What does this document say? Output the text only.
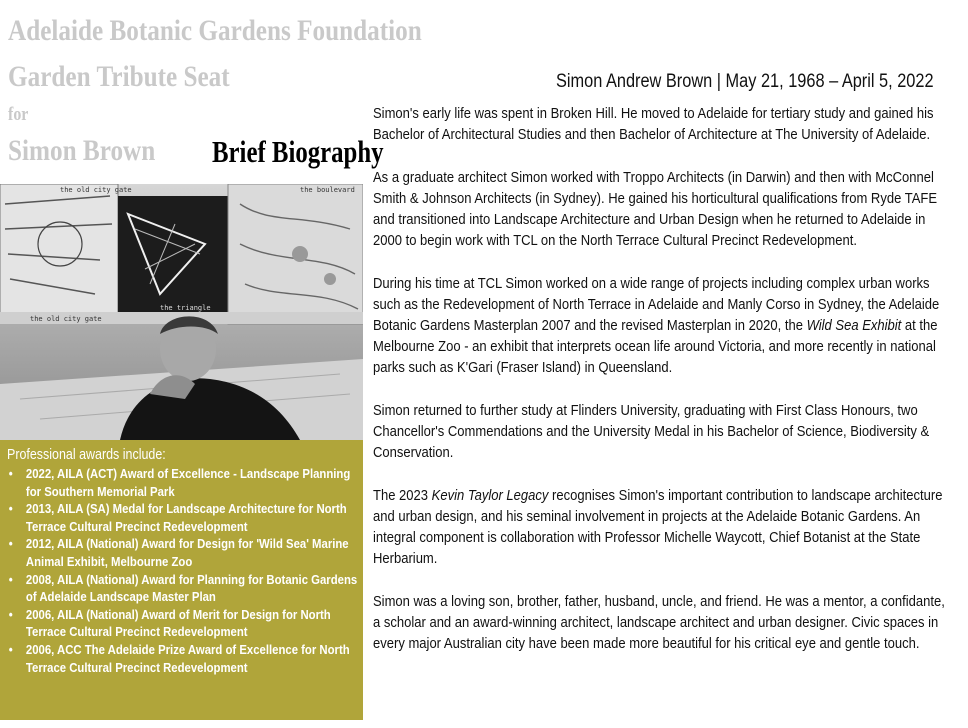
Adelaide Botanic Gardens Foundation
Garden Tribute Seat
for
Simon Brown Brief Biography
Simon Andrew Brown | May 21, 1968 – April 5, 2022
the old city gate	the boulevard
the triangle
the old city gate
Professional awards include:
• 2022, AILA (ACT) Award of Excellence - Landscape Planning for Southern Memorial Park
• 2013, AILA (SA) Medal for Landscape Architecture for North Terrace Cultural Precinct Redevelopment
• 2012, AILA (National) Award for Design for 'Wild Sea' Marine Animal Exhibit, Melbourne Zoo
• 2008, AILA (National) Award for Planning for Botanic Gardens of Adelaide Landscape Master Plan
• 2006, AILA (National) Award of Merit for Design for North Terrace Cultural Precinct Redevelopment
• 2006, ACC The Adelaide Prize Award of Excellence for North Terrace Cultural Precinct Redevelopment

Simon's early life was spent in Broken Hill. He moved to Adelaide for tertiary study and gained his Bachelor of Architectural Studies and then Bachelor of Architecture at The University of Adelaide.

As a graduate architect Simon worked with Troppo Architects (in Darwin) and then with McConnel Smith & Johnson Architects (in Sydney). He gained his horticultural qualifications from Ryde TAFE and transitioned into Landscape Architecture and Urban Design when he returned to Adelaide in 2000 to begin work with TCL on the North Terrace Cultural Precinct Redevelopment.

During his time at TCL Simon worked on a wide range of projects including complex urban works such as the Redevelopment of North Terrace in Adelaide and Manly Corso in Sydney, the Adelaide Botanic Gardens Masterplan 2007 and the revised Masterplan in 2020, the Wild Sea Exhibit at the Melbourne Zoo - an exhibit that interprets ocean life around Victoria, and more recently in national parks such as K'Gari (Fraser Island) in Queensland.

Simon returned to further study at Flinders University, graduating with First Class Honours, two Chancellor's Commendations and the University Medal in his Bachelor of Science, Biodiversity & Conservation.

The 2023 Kevin Taylor Legacy recognises Simon's important contribution to landscape architecture and urban design, and his seminal involvement in projects at the Adelaide Botanic Gardens. An integral component is collaboration with Professor Michelle Waycott, Chief Botanist at the State Herbarium.

Simon was a loving son, brother, father, husband, uncle, and friend. He was a mentor, a confidante, a scholar and an award-winning architect, landscape architect and urban designer. Civic spaces in every major Australian city have been made more beautiful for his critical eye and gentle touch.
